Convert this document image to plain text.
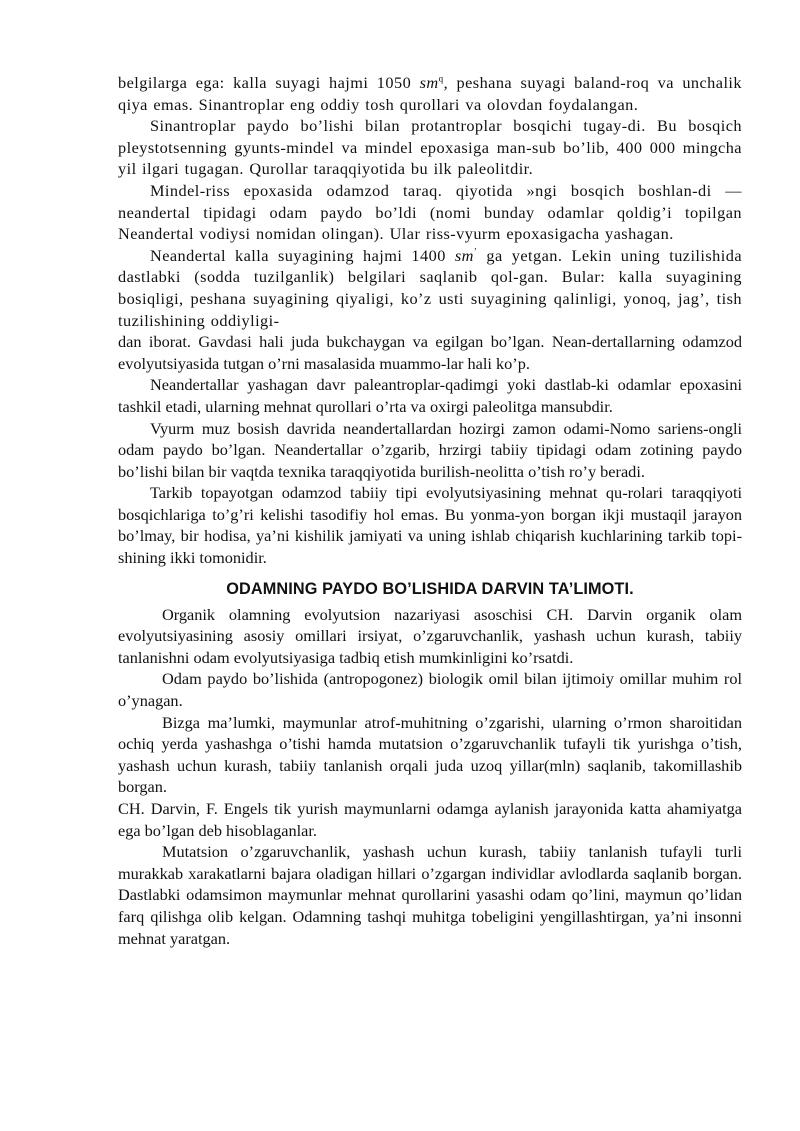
belgilarga ega: kalla suyagi hajmi 1050 $sm^q$, peshana suyagi baland-roq va unchalik qiya emas. Sinantroplar eng oddiy tosh qurollari va olovdan foydalangan.

Sinantroplar paydo bo’lishi bilan protantroplar bosqichi tugay-di. Bu bosqich pleystotsenning gyunts-mindel va mindel epoxasiga man-sub bo’lib, 400 000 mingcha yil ilgari tugagan. Qurollar taraqqiyotida bu ilk paleolitdir.

Mindel-riss epoxasida odamzod taraq. qiyotida »ngi bosqich boshlan-di — neandertal tipidagi odam paydo bo’ldi (nomi bunday odamlar qoldig’i topilgan Neandertal vodiysi nomidan olingan). Ular riss-vyurm epoxasigacha yashagan.

Neandertal kalla suyagining hajmi 1400 sm’ ga yetgan. Lekin uning tuzilishida dastlabki (sodda tuzilganlik) belgilari saqlanib qol-gan. Bular: kalla suyagining bosiqligi, peshana suyagining qiyaligi, ko’z usti suyagining qalinligi, yonoq, jag’, tish tuzilishining oddiyligi-

dan iborat. Gavdasi hali juda bukchaygan va egilgan bo’lgan. Nean-dertallarning odamzod evolyutsiyasida tutgan o’rni masalasida muammo-lar hali ko’p.

Neandertallar yashagan davr paleantroplar-qadimgi yoki dastlab-ki odamlar epoxasini tashkil etadi, ularning mehnat qurollari o’rta va oxirgi paleolitga mansubdir.

Vyurm muz bosish davrida neandertallardan hozirgi zamon odami-Nomo sariens-ongli odam paydo bo’lgan. Neandertallar o’zgarib, hrzirgi tabiiy tipidagi odam zotining paydo bo’lishi bilan bir vaqtda texnika taraqqiyotida burilish-neolitta o’tish ro’y beradi.

Tarkib topayotgan odamzod tabiiy tipi evolyutsiyasining mehnat qu-rolari taraqqiyoti bosqichlariga to’g’ri kelishi tasodifiy hol emas. Bu yonma-yon borgan ikji mustaqil jarayon bo’lmay, bir hodisa, ya’ni kishilik jamiyati va uning ishlab chiqarish kuchlarining tarkib topi-shining ikki tomonidir.

ODAMNING PAYDO BO’LISHIDA DARVIN TA’LIMOTI.

Organik olamning evolyutsion nazariyasi asoschisi CH. Darvin organik olam evolyutsiyasining asosiy omillari irsiyat, o’zgaruvchanlik, yashash uchun kurash, tabiiy tanlanishni odam evolyutsiyasiga tadbiq etish mumkinligini ko’rsatdi.

Odam paydo bo’lishida (antropogonez) biologik omil bilan ijtimoiy omillar muhim rol o’ynagan.

Bizga ma’lumki, maymunlar atrof-muhitning o’zgarishi, ularning o’rmon sharoitidan ochiq yerda yashashga o’tishi hamda mutatsion o’zgaruvchanlik tufayli tik yurishga o’tish, yashash uchun kurash, tabiiy tanlanish orqali juda uzoq yillar(mln) saqlanib, takomillashib borgan.

CH. Darvin, F. Engels tik yurish maymunlarni odamga aylanish jarayonida katta ahamiyatga ega bo’lgan deb hisoblaganlar.

Mutatsion o’zgaruvchanlik, yashash uchun kurash, tabiiy tanlanish tufayli turli murakkab xarakatlarni bajara oladigan hillari o’zgargan individlar avlodlarda saqlanib borgan. Dastlabki odamsimon maymunlar mehnat qurollarini yasashi odam qo’lini, maymun qo’lidan farq qilishga olib kelgan. Odamning tashqi muhitga tobeligini yengillashtirgan, ya’ni insonni mehnat yaratgan.
